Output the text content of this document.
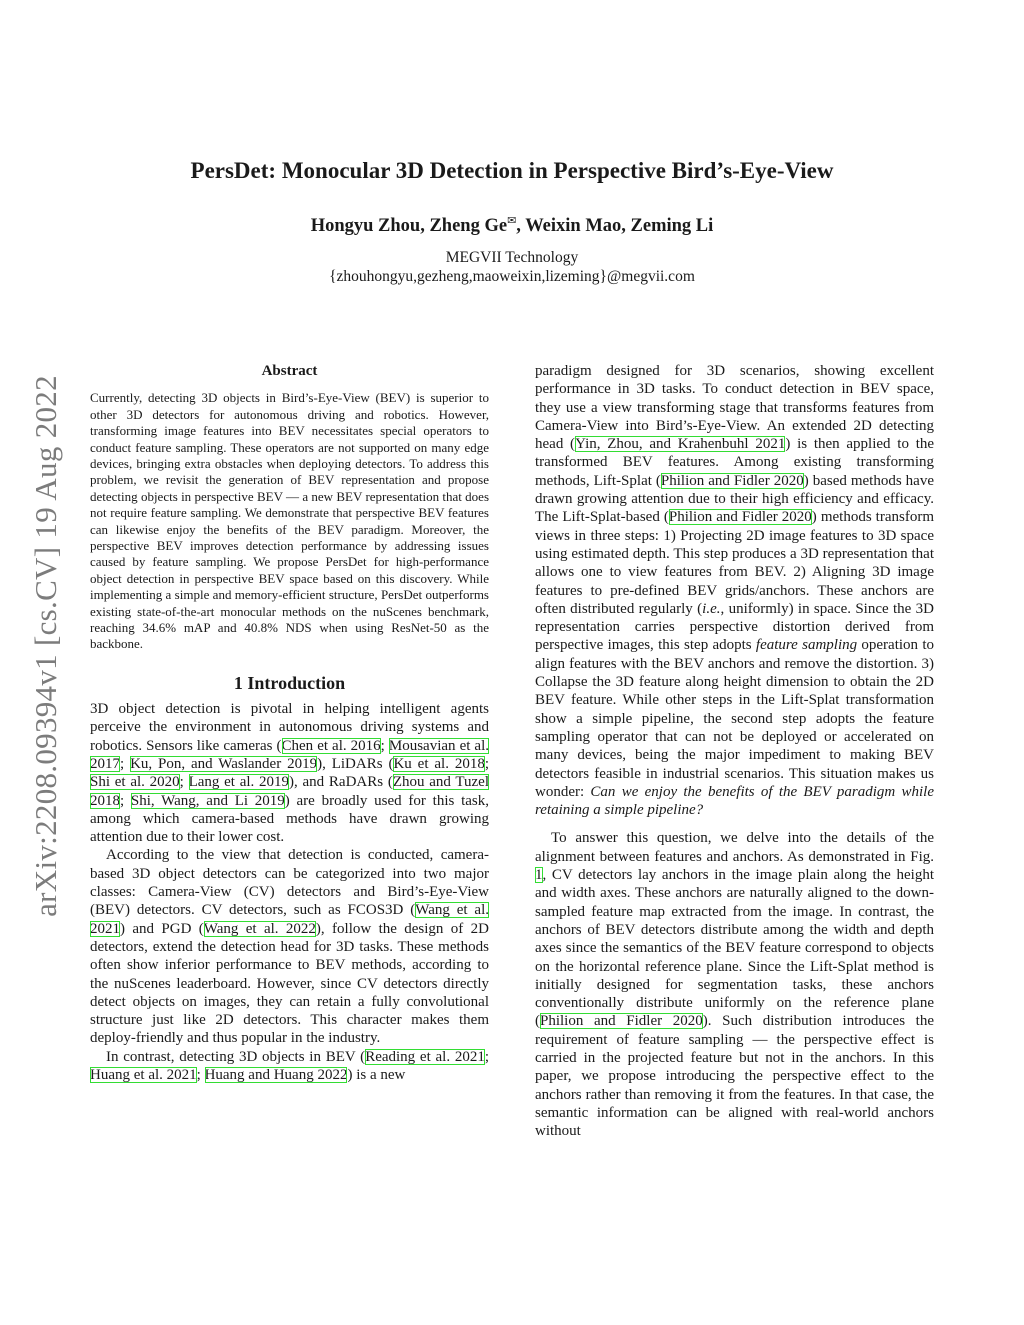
arXiv:2208.09394v1 [cs.CV] 19 Aug 2022
PersDet: Monocular 3D Detection in Perspective Bird’s-Eye-View
Hongyu Zhou, Zheng Ge✉, Weixin Mao, Zeming Li
MEGVII Technology
{zhouhongyu,gezheng,maoweixin,lizeming}@megvii.com
Abstract

Currently, detecting 3D objects in Bird’s-Eye-View (BEV) is superior to other 3D detectors for autonomous driving and robotics. However, transforming image features into BEV necessitates special operators to conduct feature sampling. These operators are not supported on many edge devices, bringing extra obstacles when deploying detectors. To address this problem, we revisit the generation of BEV representation and propose detecting objects in perspective BEV — a new BEV representation that does not require feature sampling. We demonstrate that perspective BEV features can likewise enjoy the benefits of the BEV paradigm. Moreover, the perspective BEV improves detection performance by addressing issues caused by feature sampling. We propose PersDet for high-performance object detection in perspective BEV space based on this discovery. While implementing a simple and memory-efficient structure, PersDet outperforms existing state-of-the-art monocular methods on the nuScenes benchmark, reaching 34.6% mAP and 40.8% NDS when using ResNet-50 as the backbone.

1 Introduction

3D object detection is pivotal in helping intelligent agents perceive the environment in autonomous driving systems and robotics. Sensors like cameras (Chen et al. 2016; Mousavian et al. 2017; Ku, Pon, and Waslander 2019), LiDARs (Ku et al. 2018; Shi et al. 2020; Lang et al. 2019), and RaDARs (Zhou and Tuzel 2018; Shi, Wang, and Li 2019) are broadly used for this task, among which camera-based methods have drawn growing attention due to their lower cost.

According to the view that detection is conducted, camera-based 3D object detectors can be categorized into two major classes: Camera-View (CV) detectors and Bird’s-Eye-View (BEV) detectors. CV detectors, such as FCOS3D (Wang et al. 2021) and PGD (Wang et al. 2022), follow the design of 2D detectors, extend the detection head for 3D tasks. These methods often show inferior performance to BEV methods, according to the nuScenes leaderboard. However, since CV detectors directly detect objects on images, they can retain a fully convolutional structure just like 2D detectors. This character makes them deploy-friendly and thus popular in the industry.

In contrast, detecting 3D objects in BEV (Reading et al. 2021; Huang et al. 2021; Huang and Huang 2022) is a new

paradigm designed for 3D scenarios, showing excellent performance in 3D tasks. To conduct detection in BEV space, they use a view transforming stage that transforms features from Camera-View into Bird’s-Eye-View. An extended 2D detecting head (Yin, Zhou, and Krahenbuhl 2021) is then applied to the transformed BEV features. Among existing transforming methods, Lift-Splat (Philion and Fidler 2020) based methods have drawn growing attention due to their high efficiency and efficacy. The Lift-Splat-based (Philion and Fidler 2020) methods transform views in three steps: 1) Projecting 2D image features to 3D space using estimated depth. This step produces a 3D representation that allows one to view features from BEV. 2) Aligning 3D image features to pre-defined BEV grids/anchors. These anchors are often distributed regularly (i.e., uniformly) in space. Since the 3D representation carries perspective distortion derived from perspective images, this step adopts feature sampling operation to align features with the BEV anchors and remove the distortion. 3) Collapse the 3D feature along height dimension to obtain the 2D BEV feature. While other steps in the Lift-Splat transformation show a simple pipeline, the second step adopts the feature sampling operator that can not be deployed or accelerated on many devices, being the major impediment to making BEV detectors feasible in industrial scenarios. This situation makes us wonder: Can we enjoy the benefits of the BEV paradigm while retaining a simple pipeline?

To answer this question, we delve into the details of the alignment between features and anchors. As demonstrated in Fig. 1, CV detectors lay anchors in the image plain along the height and width axes. These anchors are naturally aligned to the down-sampled feature map extracted from the image. In contrast, the anchors of BEV detectors distribute among the width and depth axes since the semantics of the BEV feature correspond to objects on the horizontal reference plane. Since the Lift-Splat method is initially designed for segmentation tasks, these anchors conventionally distribute uniformly on the reference plane (Philion and Fidler 2020). Such distribution introduces the requirement of feature sampling — the perspective effect is carried in the projected feature but not in the anchors. In this paper, we propose introducing the perspective effect to the anchors rather than removing it from the features. In that case, the semantic information can be aligned with real-world anchors without
